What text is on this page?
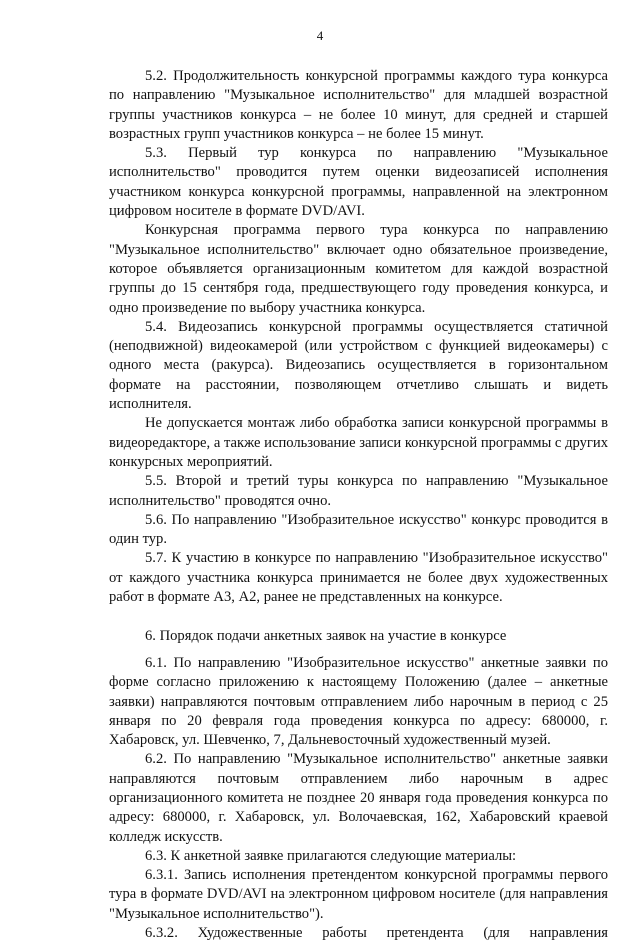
4

5.2. Продолжительность конкурсной программы каждого тура конкурса по направлению "Музыкальное исполнительство" для младшей возрастной группы участников конкурса – не более 10 минут, для средней и старшей возрастных групп участников конкурса – не более 15 минут.

5.3. Первый тур конкурса по направлению "Музыкальное исполнительство" проводится путем оценки видеозаписей исполнения участником конкурса конкурсной программы, направленной на электронном цифровом носителе в формате DVD/AVI.

Конкурсная программа первого тура конкурса по направлению "Музыкальное исполнительство" включает одно обязательное произведение, которое объявляется организационным комитетом для каждой возрастной группы до 15 сентября года, предшествующего году проведения конкурса, и одно произведение по выбору участника конкурса.

5.4. Видеозапись конкурсной программы осуществляется статичной (неподвижной) видеокамерой (или устройством с функцией видеокамеры) с одного места (ракурса). Видеозапись осуществляется в горизонтальном формате на расстоянии, позволяющем отчетливо слышать и видеть исполнителя.

Не допускается монтаж либо обработка записи конкурсной программы в видеоредакторе, а также использование записи конкурсной программы с других конкурсных мероприятий.

5.5. Второй и третий туры конкурса по направлению "Музыкальное исполнительство" проводятся очно.

5.6. По направлению "Изобразительное искусство" конкурс проводится в один тур.

5.7. К участию в конкурсе по направлению "Изобразительное искусство" от каждого участника конкурса принимается не более двух художественных работ в формате А3, А2, ранее не представленных на конкурсе.

6. Порядок подачи анкетных заявок на участие в конкурсе

6.1. По направлению "Изобразительное искусство" анкетные заявки по форме согласно приложению к настоящему Положению (далее – анкетные заявки) направляются почтовым отправлением либо нарочным в период с 25 января по 20 февраля года проведения конкурса по адресу: 680000, г. Хабаровск, ул. Шевченко, 7, Дальневосточный художественный музей.

6.2. По направлению "Музыкальное исполнительство" анкетные заявки направляются почтовым отправлением либо нарочным в адрес организационного комитета не позднее 20 января года проведения конкурса по адресу: 680000, г. Хабаровск, ул. Волочаевская, 162, Хабаровский краевой колледж искусств.

6.3. К анкетной заявке прилагаются следующие материалы:

6.3.1. Запись исполнения претендентом конкурсной программы первого тура в формате DVD/AVI на электронном цифровом носителе (для направления "Музыкальное исполнительство").

6.3.2. Художественные работы претендента (для направления
